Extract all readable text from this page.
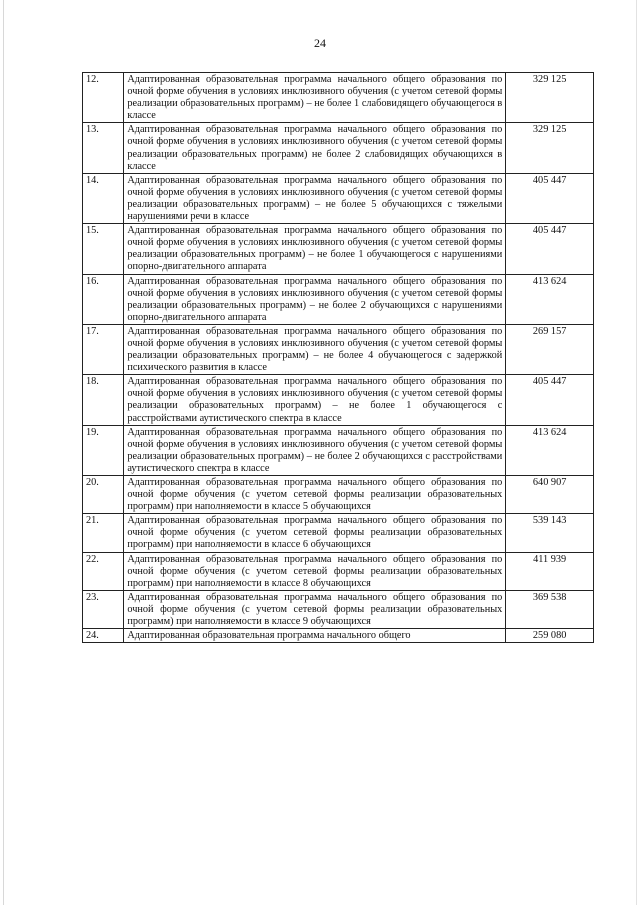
24
12.	Адаптированная образовательная программа начального общего образования по очной форме обучения в условиях инклюзивного обучения (с учетом сетевой формы реализации образовательных программ) – не более 1 слабовидящего обучающегося в классе	329 125
13.	Адаптированная образовательная программа начального общего образования по очной форме обучения в условиях инклюзивного обучения (с учетом сетевой формы реализации образовательных программ) не более 2 слабовидящих обучающихся в классе	329 125
14.	Адаптированная образовательная программа начального общего образования по очной форме обучения в условиях инклюзивного обучения (с учетом сетевой формы реализации образовательных программ) – не более 5 обучающихся с тяжелыми нарушениями речи в классе	405 447
15.	Адаптированная образовательная программа начального общего образования по очной форме обучения в условиях инклюзивного обучения (с учетом сетевой формы реализации образовательных программ) – не более 1 обучающегося с нарушениями опорно-двигательного аппарата	405 447
16.	Адаптированная образовательная программа начального общего образования по очной форме обучения в условиях инклюзивного обучения (с учетом сетевой формы реализации образовательных программ) – не более 2 обучающихся с нарушениями опорно-двигательного аппарата	413 624
17.	Адаптированная образовательная программа начального общего образования по очной форме обучения в условиях инклюзивного обучения (с учетом сетевой формы реализации образовательных программ) – не более 4 обучающегося с задержкой психического развития в классе	269 157
18.	Адаптированная образовательная программа начального общего образования по очной форме обучения в условиях инклюзивного обучения (с учетом сетевой формы реализации образовательных программ) – не более 1 обучающегося с расстройствами аутистического спектра в классе	405 447
19.	Адаптированная образовательная программа начального общего образования по очной форме обучения в условиях инклюзивного обучения (с учетом сетевой формы реализации образовательных программ) – не более 2 обучающихся с расстройствами аутистического спектра в классе	413 624
20.	Адаптированная образовательная программа начального общего образования по очной форме обучения (с учетом сетевой формы реализации образовательных программ) при наполняемости в классе 5 обучающихся	640 907
21.	Адаптированная образовательная программа начального общего образования по очной форме обучения (с учетом сетевой формы реализации образовательных программ) при наполняемости в классе 6 обучающихся	539 143
22.	Адаптированная образовательная программа начального общего образования по очной форме обучения (с учетом сетевой формы реализации образовательных программ) при наполняемости в классе 8 обучающихся	411 939
23.	Адаптированная образовательная программа начального общего образования по очной форме обучения (с учетом сетевой формы реализации образовательных программ) при наполняемости в классе 9 обучающихся	369 538
24.	Адаптированная образовательная программа начального общего	259 080
